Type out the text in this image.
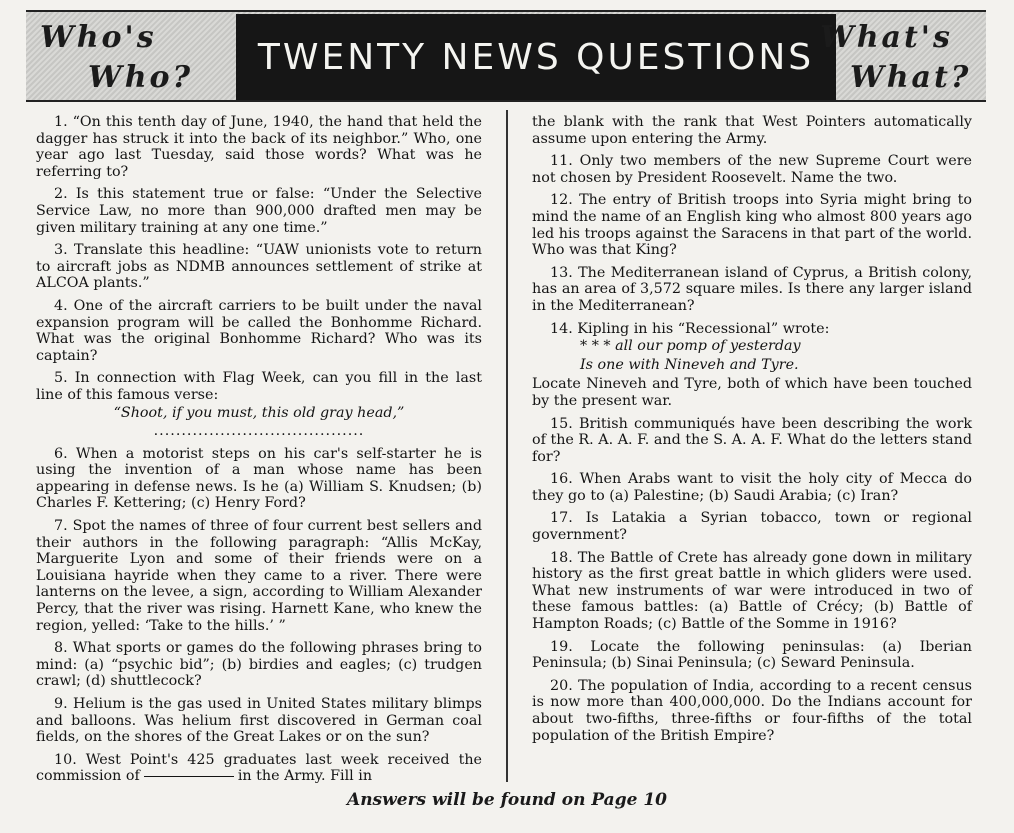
Who's
Who? TWENTY NEWS QUESTIONS What's
What?

1. “On this tenth day of June, 1940, the hand that held the dagger has struck it into the back of its neighbor.” Who, one year ago last Tuesday, said those words? What was he referring to?

2. Is this statement true or false: “Under the Selective Service Law, no more than 900,000 drafted men may be given military training at any one time.”

3. Translate this headline: “UAW unionists vote to return to aircraft jobs as NDMB announces settlement of strike at ALCOA plants.”

4. One of the aircraft carriers to be built under the naval expansion program will be called the Bonhomme Richard. What was the original Bonhomme Richard? Who was its captain?

5. In connection with Flag Week, can you fill in the last line of this famous verse:

“Shoot, if you must, this old gray head,”

......................................

6. When a motorist steps on his car's self-starter he is using the invention of a man whose name has been appearing in defense news. Is he (a) William S. Knudsen; (b) Charles F. Kettering; (c) Henry Ford?

7. Spot the names of three of four current best sellers and their authors in the following paragraph: “Allis McKay, Marguerite Lyon and some of their friends were on a Louisiana hayride when they came to a river. There were lanterns on the levee, a sign, according to William Alexander Percy, that the river was rising. Harnett Kane, who knew the region, yelled: ‘Take to the hills.’ ”

8. What sports or games do the following phrases bring to mind: (a) “psychic bid”; (b) birdies and eagles; (c) trudgen crawl; (d) shuttlecock?

9. Helium is the gas used in United States military blimps and balloons. Was helium first discovered in German coal fields, on the shores of the Great Lakes or on the sun?

10. West Point's 425 graduates last week received the commission of	in the Army. Fill in

the blank with the rank that West Pointers automatically assume upon entering the Army.

11. Only two members of the new Supreme Court were not chosen by President Roosevelt. Name the two.

12. The entry of British troops into Syria might bring to mind the name of an English king who almost 800 years ago led his troops against the Saracens in that part of the world. Who was that King?

13. The Mediterranean island of Cyprus, a British colony, has an area of 3,572 square miles. Is there any larger island in the Mediterranean?

14. Kipling in his “Recessional” wrote:

* * * all our pomp of yesterday

Is one with Nineveh and Tyre.

Locate Nineveh and Tyre, both of which have been touched by the present war.

15. British communiqués have been describing the work of the R. A. A. F. and the S. A. A. F. What do the letters stand for?

16. When Arabs want to visit the holy city of Mecca do they go to (a) Palestine; (b) Saudi Arabia; (c) Iran?

17. Is Latakia a Syrian tobacco, town or regional government?

18. The Battle of Crete has already gone down in military history as the first great battle in which gliders were used. What new instruments of war were introduced in two of these famous battles: (a) Battle of Crécy; (b) Battle of Hampton Roads; (c) Battle of the Somme in 1916?

19. Locate the following peninsulas: (a) Iberian Peninsula; (b) Sinai Peninsula; (c) Seward Peninsula.

20. The population of India, according to a recent census is now more than 400,000,000. Do the Indians account for about two-fifths, three-fifths or four-fifths of the total population of the British Empire?

Answers will be found on Page 10
